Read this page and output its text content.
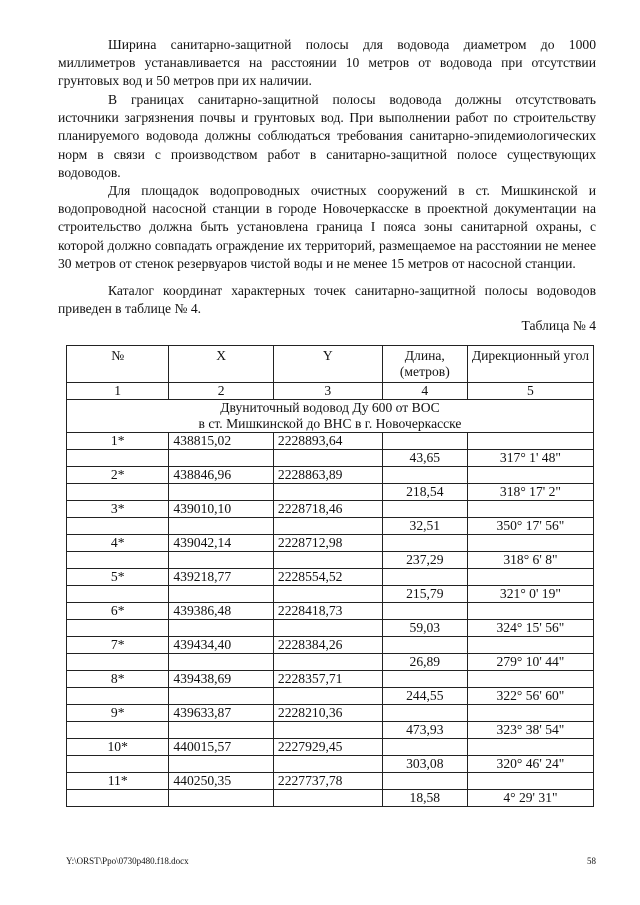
Ширина санитарно-защитной полосы для водовода диаметром до 1000 миллиметров устанавливается на расстоянии 10 метров от водовода при отсутствии грунтовых вод и 50 метров при их наличии.

В границах санитарно-защитной полосы водовода должны отсутствовать источники загрязнения почвы и грунтовых вод. При выполнении работ по строительству планируемого водовода должны соблюдаться требования санитарно-эпидемиологических норм в связи с производством работ в санитарно-защитной полосе существующих водоводов.

Для площадок водопроводных очистных сооружений в ст. Мишкинской и водопроводной насосной станции в городе Новочеркасске в проектной документации на строительство должна быть установлена граница I пояса зоны санитарной охраны, с которой должно совпадать ограждение их территорий, размещаемое на расстоянии не менее 30 метров от стенок резервуаров чистой воды и не менее 15 метров от насосной станции.

Каталог координат характерных точек санитарно-защитной полосы водоводов приведен в таблице № 4.

Таблица № 4
№	X	Y	Длина, (метров)	Дирекционный угол
1	2	3	4	5

Двуниточный водовод Ду 600 от ВОС
в ст. Мишкинской до ВНС в г. Новочеркасске				

1*	438815,02	2228893,64		
			43,65	317° 1' 48"
2*	438846,96	2228863,89		
			218,54	318° 17' 2"
3*	439010,10	2228718,46		
			32,51	350° 17' 56"
4*	439042,14	2228712,98		
			237,29	318° 6' 8"
5*	439218,77	2228554,52		
			215,79	321° 0' 19"
6*	439386,48	2228418,73		
			59,03	324° 15' 56"
7*	439434,40	2228384,26		
			26,89	279° 10' 44"
8*	439438,69	2228357,71		
			244,55	322° 56' 60"
9*	439633,87	2228210,36		
			473,93	323° 38' 54"
10*	440015,57	2227929,45		
			303,08	320° 46' 24"
11*	440250,35	2227737,78		
			18,58	4° 29' 31"
Y:\ORST\Ppo\0730p480.f18.docx	58
